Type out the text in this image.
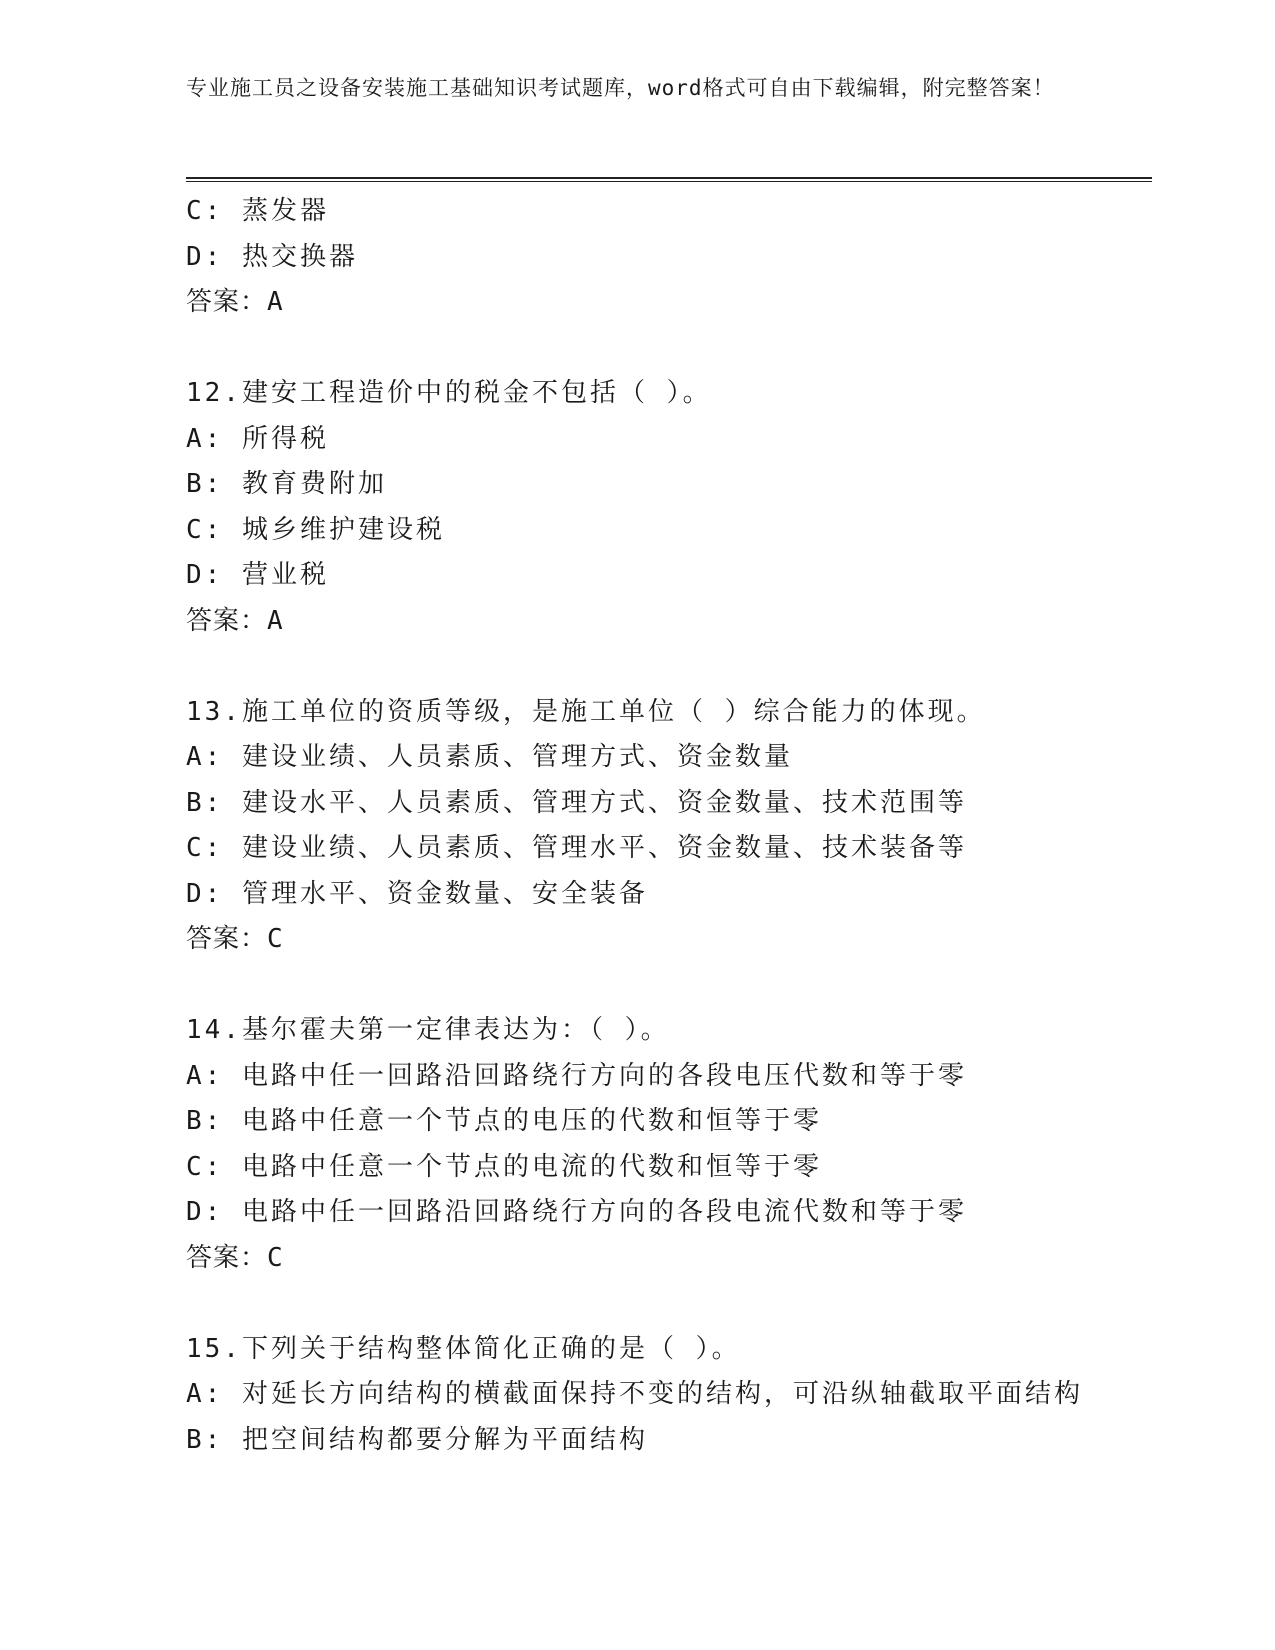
专业施工员之设备安装施工基础知识考试题库，word格式可自由下载编辑，附完整答案！
C: 蒸发器
D: 热交换器
答案：A
12.建安工程造价中的税金不包括（ ）。
A: 所得税
B: 教育费附加
C: 城乡维护建设税
D: 营业税
答案：A
13.施工单位的资质等级，是施工单位（ ）综合能力的体现。
A: 建设业绩、人员素质、管理方式、资金数量
B: 建设水平、人员素质、管理方式、资金数量、技术范围等
C: 建设业绩、人员素质、管理水平、资金数量、技术装备等
D: 管理水平、资金数量、安全装备
答案：C
14.基尔霍夫第一定律表达为：（ ）。
A: 电路中任一回路沿回路绕行方向的各段电压代数和等于零
B: 电路中任意一个节点的电压的代数和恒等于零
C: 电路中任意一个节点的电流的代数和恒等于零
D: 电路中任一回路沿回路绕行方向的各段电流代数和等于零
答案：C
15.下列关于结构整体简化正确的是（ ）。
A: 对延长方向结构的横截面保持不变的结构，可沿纵轴截取平面结构
B: 把空间结构都要分解为平面结构
